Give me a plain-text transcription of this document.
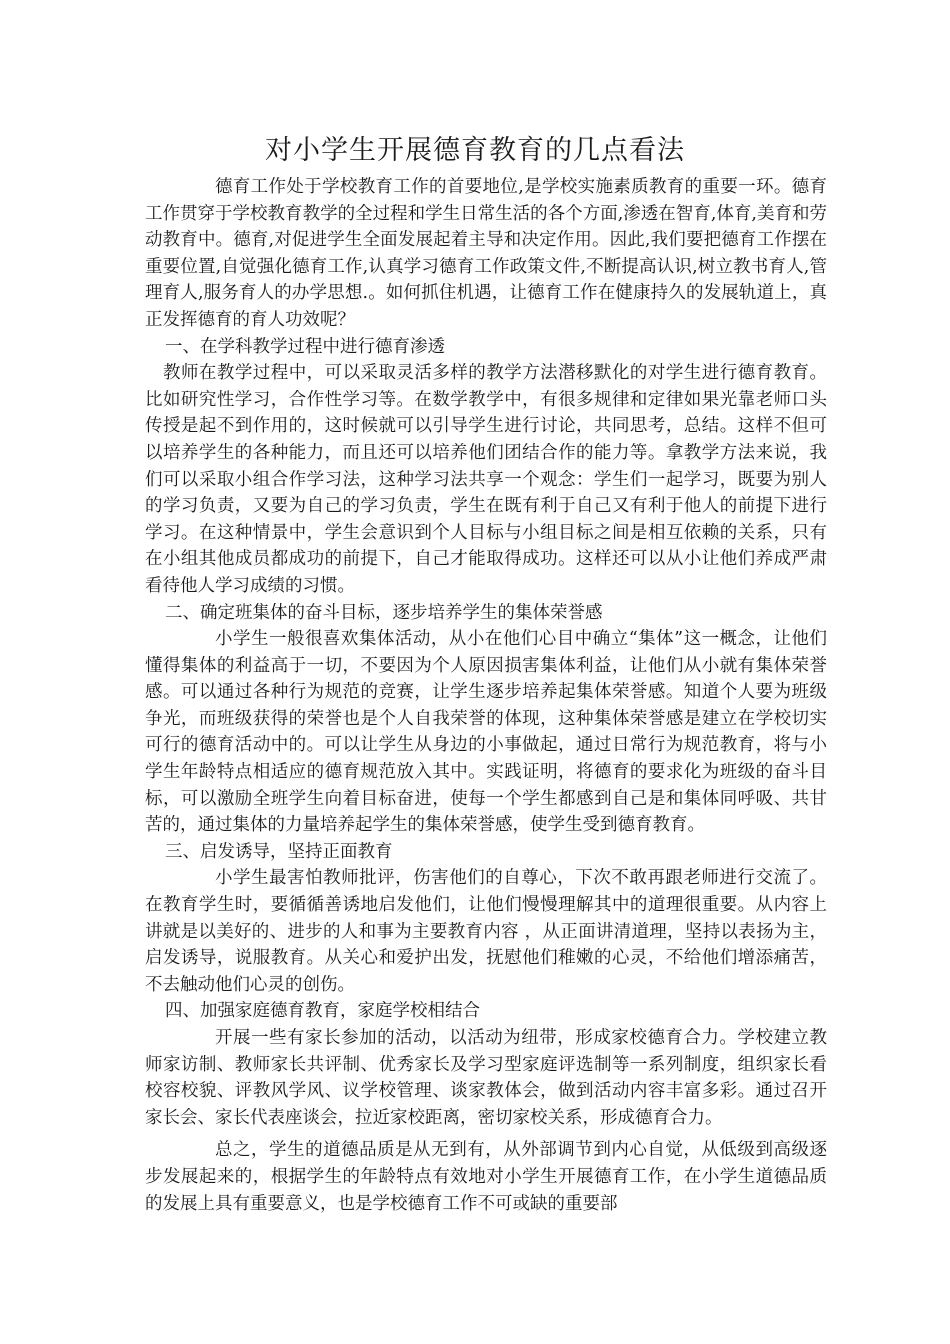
对小学生开展德育教育的几点看法

德育工作处于学校教育工作的首要地位,是学校实施素质教育的重要一环。德育工作贯穿于学校教育教学的全过程和学生日常生活的各个方面,渗透在智育,体育,美育和劳动教育中。德育,对促进学生全面发展起着主导和决定作用。因此,我们要把德育工作摆在重要位置,自觉强化德育工作,认真学习德育工作政策文件,不断提高认识,树立教书育人,管理育人,服务育人的办学思想.。如何抓住机遇，让德育工作在健康持久的发展轨道上，真正发挥德育的育人功效呢？

一、在学科教学过程中进行德育渗透

教师在教学过程中，可以采取灵活多样的教学方法潜移默化的对学生进行德育教育。比如研究性学习，合作性学习等。在数学教学中，有很多规律和定律如果光靠老师口头传授是起不到作用的，这时候就可以引导学生进行讨论，共同思考，总结。这样不但可以培养学生的各种能力，而且还可以培养他们团结合作的能力等。拿教学方法来说，我们可以采取小组合作学习法，这种学习法共享一个观念：学生们一起学习，既要为别人的学习负责，又要为自己的学习负责，学生在既有利于自己又有利于他人的前提下进行学习。在这种情景中，学生会意识到个人目标与小组目标之间是相互依赖的关系，只有在小组其他成员都成功的前提下，自己才能取得成功。这样还可以从小让他们养成严肃看待他人学习成绩的习惯。

二、确定班集体的奋斗目标，逐步培养学生的集体荣誉感

小学生一般很喜欢集体活动，从小在他们心目中确立“集体”这一概念，让他们懂得集体的利益高于一切，不要因为个人原因损害集体利益，让他们从小就有集体荣誉感。可以通过各种行为规范的竞赛，让学生逐步培养起集体荣誉感。知道个人要为班级争光，而班级获得的荣誉也是个人自我荣誉的体现，这种集体荣誉感是建立在学校切实可行的德育活动中的。可以让学生从身边的小事做起，通过日常行为规范教育，将与小学生年龄特点相适应的德育规范放入其中。实践证明，将德育的要求化为班级的奋斗目标，可以激励全班学生向着目标奋进，使每一个学生都感到自己是和集体同呼吸、共甘苦的，通过集体的力量培养起学生的集体荣誉感，使学生受到德育教育。

三、启发诱导，坚持正面教育

小学生最害怕教师批评，伤害他们的自尊心，下次不敢再跟老师进行交流了。在教育学生时，要循循善诱地启发他们，让他们慢慢理解其中的道理很重要。从内容上讲就是以美好的、进步的人和事为主要教育内容 ，从正面讲清道理，坚持以表扬为主，启发诱导，说服教育。从关心和爱护出发，抚慰他们稚嫩的心灵，不给他们增添痛苦，不去触动他们心灵的创伤。

四、加强家庭德育教育，家庭学校相结合

开展一些有家长参加的活动，以活动为纽带，形成家校德育合力。学校建立教师家访制、教师家长共评制、优秀家长及学习型家庭评选制等一系列制度，组织家长看校容校貌、评教风学风、议学校管理、谈家教体会，做到活动内容丰富多彩。通过召开家长会、家长代表座谈会，拉近家校距离，密切家校关系，形成德育合力。

总之，学生的道德品质是从无到有，从外部调节到内心自觉，从低级到高级逐步发展起来的，根据学生的年龄特点有效地对小学生开展德育工作，在小学生道德品质的发展上具有重要意义，也是学校德育工作不可或缺的重要部
